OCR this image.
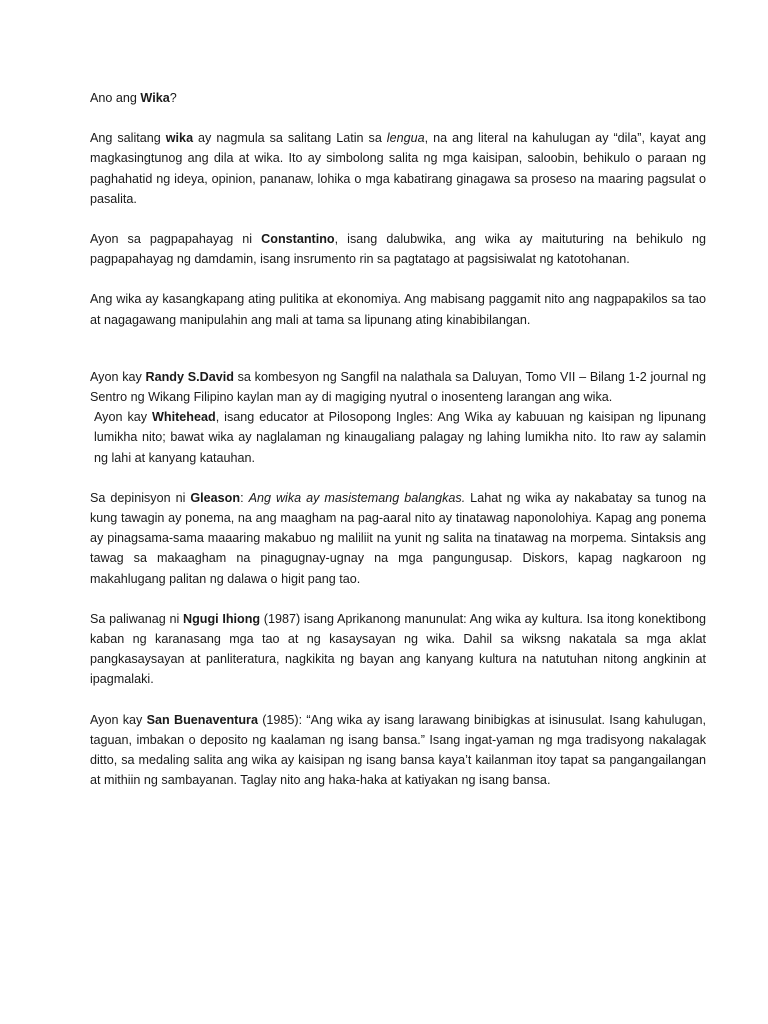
Ano ang Wika?

Ang salitang wika ay nagmula sa salitang Latin sa lengua, na ang literal na kahulugan ay “dila”, kayat ang magkasingtunog ang dila at wika. Ito ay simbolong salita ng mga kaisipan, saloobin, behikulo o paraan ng paghahatid ng ideya, opinion, pananaw, lohika o mga kabatirang ginagawa sa proseso na maaring pagsulat o pasalita.

Ayon sa pagpapahayag ni Constantino, isang dalubwika, ang wika ay maituturing na behikulo ng pagpapahayag ng damdamin, isang insrumento rin sa pagtatago at pagsisiwalat ng katotohanan.

Ang wika ay kasangkapang ating pulitika at ekonomiya. Ang mabisang paggamit nito ang nagpapakilos sa tao at nagagawang manipulahin ang mali at tama sa lipunang ating kinabibilangan.

Ayon kay Randy S.David sa kombesyon ng Sangfil na nalathala sa Daluyan, Tomo VII – Bilang 1-2 journal ng Sentro ng Wikang Filipino kaylan man ay di magiging nyutral o inosenteng larangan ang wika.

Ayon kay Whitehead, isang educator at Pilosopong Ingles: Ang Wika ay kabuuan ng kaisipan ng lipunang lumikha nito; bawat wika ay naglalaman ng kinaugaliang palagay ng lahing lumikha nito. Ito raw ay salamin ng lahi at kanyang katauhan.

Sa depinisyon ni Gleason: Ang wika ay masistemang balangkas. Lahat ng wika ay nakabatay sa tunog na kung tawagin ay ponema, na ang maagham na pag-aaral nito ay tinatawag naponolohiya. Kapag ang ponema ay pinagsama-sama maaaring makabuo ng maliliit na yunit ng salita na tinatawag na morpema. Sintaksis ang tawag sa makaagham na pinagugnay-ugnay na mga pangungusap. Diskors, kapag nagkaroon ng makahlugang palitan ng dalawa o higit pang tao.

Sa paliwanag ni Ngugi Ihiong (1987) isang Aprikanong manunulat: Ang wika ay kultura. Isa itong konektibong kaban ng karanasang mga tao at ng kasaysayan ng wika. Dahil sa wiksng nakatala sa mga aklat pangkasaysayan at panliteratura, nagkikita ng bayan ang kanyang kultura na natutuhan nitong angkinin at ipagmalaki.

Ayon kay San Buenaventura (1985): “Ang wika ay isang larawang binibigkas at isinusulat. Isang kahulugan, taguan, imbakan o deposito ng kaalaman ng isang bansa.” Isang ingat-yaman ng mga tradisyong nakalagak ditto, sa medaling salita ang wika ay kaisipan ng isang bansa kaya’t kailanman itoy tapat sa pangangailangan at mithiin ng sambayanan. Taglay nito ang haka-haka at katiyakan ng isang bansa.
